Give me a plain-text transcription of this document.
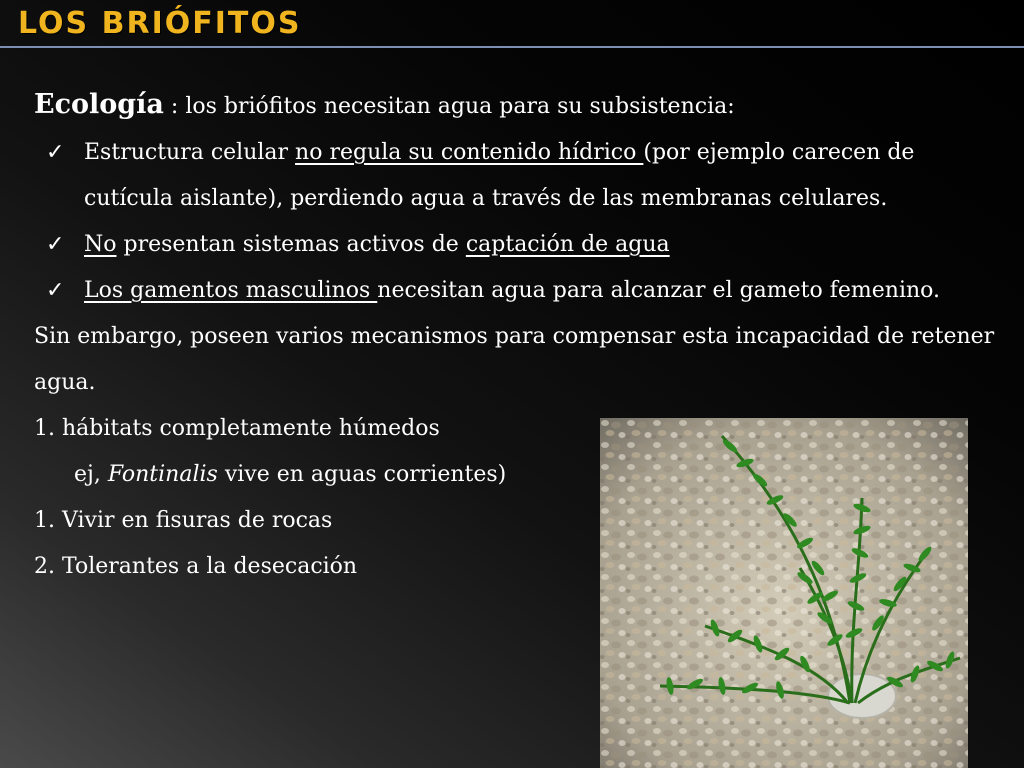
LOS BRIÓFITOS

Ecología : los briófitos necesitan agua para su subsistencia:

✓ Estructura celular no regula su contenido hídrico (por ejemplo carecen de cutícula aislante), perdiendo agua a través de las membranas celulares.

✓ No presentan sistemas activos de captación de agua

✓ Los gamentos masculinos necesitan agua para alcanzar el gameto femenino.

Sin embargo, poseen varios mecanismos para compensar esta incapacidad de retener agua.

1. hábitats completamente húmedos

ej, Fontinalis vive en aguas corrientes)

1. Vivir en fisuras de rocas

2. Tolerantes a la desecación
